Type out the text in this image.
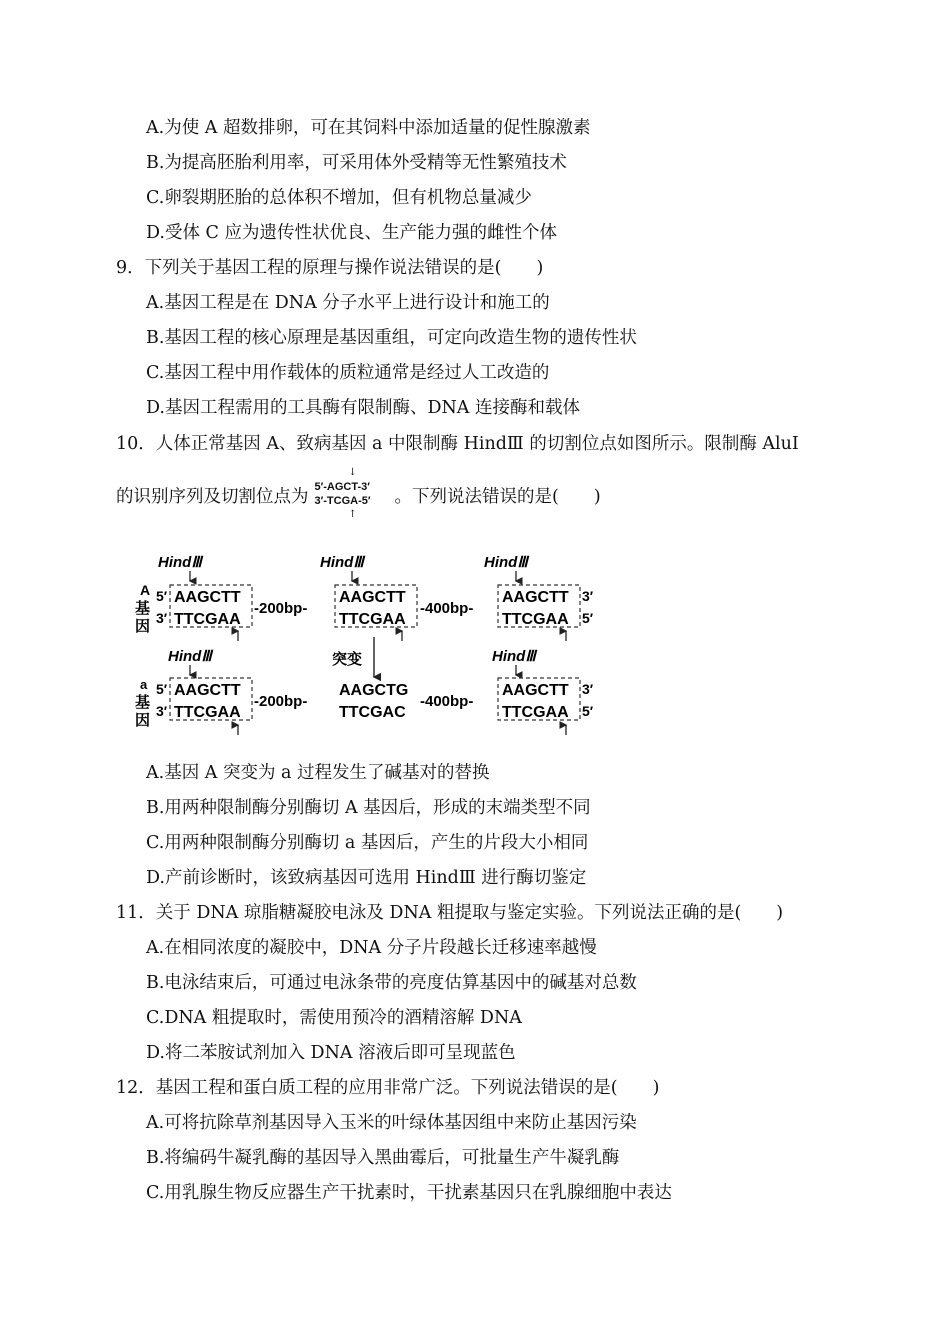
A.为使 A 超数排卵，可在其饲料中添加适量的促性腺激素
B.为提高胚胎利用率，可采用体外受精等无性繁殖技术
C.卵裂期胚胎的总体积不增加，但有机物总量减少
D.受体 C 应为遗传性状优良、生产能力强的雌性个体
9．下列关于基因工程的原理与操作说法错误的是(　　)
A.基因工程是在 DNA 分子水平上进行设计和施工的
B.基因工程的核心原理是基因重组，可定向改造生物的遗传性状
C.基因工程中用作载体的质粒通常是经过人工改造的
D.基因工程需用的工具酶有限制酶、DNA 连接酶和载体
10．人体正常基因 A、致病基因 a 中限制酶 HindⅢ 的切割位点如图所示。限制酶 AluⅠ
的识别序列及切割位点为
↓
5′-AGCT-3′
3′-TCGA-5′
↑
。下列说法错误的是(　　)
A
基
因
HindⅢ	HindⅢ	HindⅢ
5′
3′
AAGCTT
TTCGAA
-200bp-
AAGCTT
TTCGAA
-400bp-
AAGCTT
TTCGAA
3′
5′
突变
HindⅢ	HindⅢ
a
基
因
5′
3′
AAGCTT
TTCGAA
-200bp-
AAGCTG
TTCGAC
-400bp-
AAGCTT
TTCGAA
3′
5′
A.基因 A 突变为 a 过程发生了碱基对的替换
B.用两种限制酶分别酶切 A 基因后，形成的末端类型不同
C.用两种限制酶分别酶切 a 基因后，产生的片段大小相同
D.产前诊断时，该致病基因可选用 HindⅢ 进行酶切鉴定
11．关于 DNA 琼脂糖凝胶电泳及 DNA 粗提取与鉴定实验。下列说法正确的是(　　)
A.在相同浓度的凝胶中，DNA 分子片段越长迁移速率越慢
B.电泳结束后，可通过电泳条带的亮度估算基因中的碱基对总数
C.DNA 粗提取时，需使用预冷的酒精溶解 DNA
D.将二苯胺试剂加入 DNA 溶液后即可呈现蓝色
12．基因工程和蛋白质工程的应用非常广泛。下列说法错误的是(　　)
A.可将抗除草剂基因导入玉米的叶绿体基因组中来防止基因污染
B.将编码牛凝乳酶的基因导入黑曲霉后，可批量生产牛凝乳酶
C.用乳腺生物反应器生产干扰素时，干扰素基因只在乳腺细胞中表达
